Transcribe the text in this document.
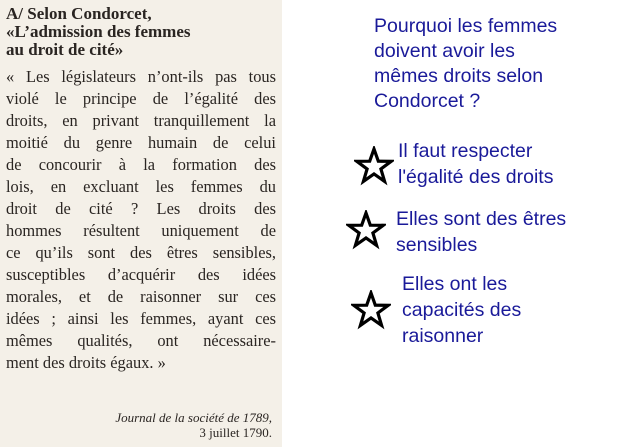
A/ Selon Condorcet,
«L’admission des femmes
au droit de cité»

« Les législateurs n’ont-ils pas tous
violé le principe de l’égalité des
droits, en privant tranquillement la
moitié du genre humain de celui
de concourir à la formation des
lois, en excluant les femmes du
droit de cité ? Les droits des
hommes résultent uniquement de
ce qu’ils sont des êtres sensibles,
susceptibles d’acquérir des idées
morales, et de raisonner sur ces
idées ; ainsi les femmes, ayant ces
mêmes qualités, ont nécessaire-
ment des droits égaux. »
Journal de la société de 1789,
3 juillet 1790.
Pourquoi les femmes
doivent avoir les
mêmes droits selon
Condorcet ?
Il faut respecter
l'égalité des droits
Elles sont des êtres
sensibles
Elles ont les
capacités des
raisonner
